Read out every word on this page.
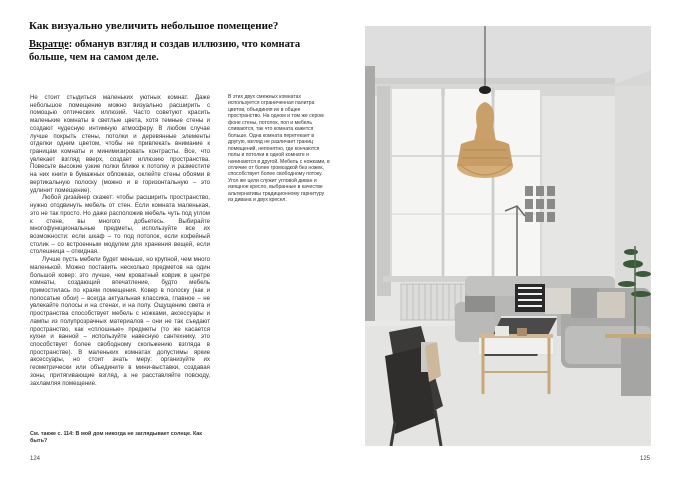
Как визуально увеличить небольшое помещение?
Вкратце: обманув взгляд и создав иллюзию, что комната больше, чем на самом деле.

Не стоит стыдиться маленьких уютных комнат. Даже небольшое помещение можно визуально расширить с помощью оптических иллюзий. Часто советуют красить маленькие комнаты в светлые цвета, хотя темные стены и создают чудесную интимную атмосферу. В любом случае лучше покрыть стены, потолки и деревянные элементы отделки одним цветом, чтобы не привлекать внимание к границам комнаты и минимизировать контрасты. Все, что увлекает взгляд вверх, создает иллюзию пространства. Повесьте высокие узкие полки ближе к потолку и разместите на них книги в бумажных обложках, оклейте стены обоями в вертикальную полоску (можно и в горизонтальную – это удлинит помещение).

Любой дизайнер скажет: чтобы расширить пространство, нужно отодвинуть мебель от стен. Если комната маленькая, это не так просто. Но даже расположив мебель чуть под углом к стене, вы многого добьетесь. Выбирайте многофункциональные предметы, используйте все их возможности: если шкаф – то под потолок, если кофейный столик – со встроенным модулем для хранения вещей, если столешница – откидная.

Лучше пусть мебели будет меньше, но крупной, чем много маленькой. Можно поставить несколько предметов на один большой ковер: это лучше, чем кроватный коврик в центре комнаты, создающий впечатление, будто мебель примостилась по краям помещения. Ковер в полоску (как и полосатые обои) – всегда актуальная классика, главное – не увлекайте полосы и на стенах, и на полу. Ощущению света и пространства способствует мебель с ножками, аксессуары и лампы из полупрозрачных материалов – они не так съедают пространство, как «сплошные» предметы (то же касается кухни и ванной – используйте навесную сантехнику, это способствует более свободному скольжению взгляда в пространстве). В маленьких комнатах допустимы яркие аксессуары, но стоит знать меру: организуйте их геометрически или объедините в мини-выставки, создавая зоны, притягивающие взгляд, а не расставляйте повсюду, захламляя помещение.

См. также с. 114: В мой дом никогда не заглядывает солнце. Как быть?
В этих двух смежных комнатах используется ограниченная палитра цветов, объединяя их в общее пространство. На одном и том же сером фоне стены, потолок, пол и мебель сливаются, так что комната кажется больше. Одна комната перетекает в другую, взгляд не различает границ помещений, непонятно, где кончаются полы и потолки в одной комнате и начинаются в другой. Мебель с ножками, в отличие от более громоздкой без ножек, способствует более свободному потоку. Угол же цели служит угловой диван и изящное кресло, выбранные в качестве альтернативы традиционному гарнитуру из дивана и двух кресел.
124	125
